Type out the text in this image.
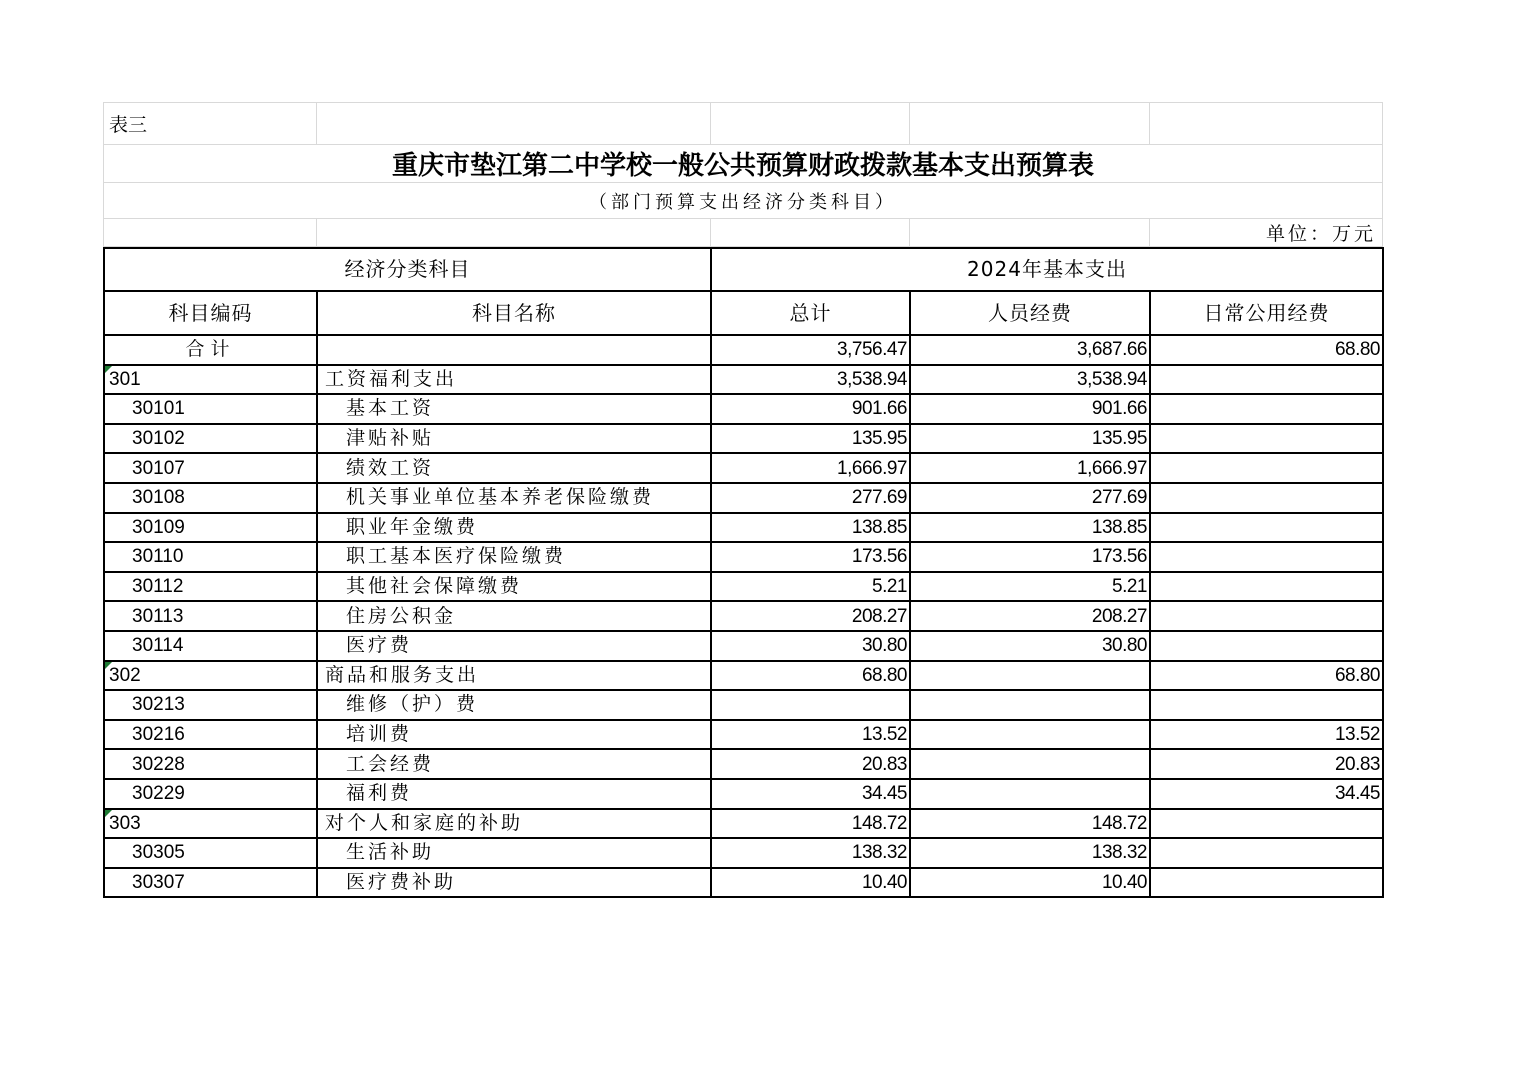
表三				
重庆市垫江第二中学校一般公共预算财政拨款基本支出预算表				
（部门预算支出经济分类科目）				
				单位：万元
经济分类科目		2024年基本支出		
科目编码	科目名称	总计	人员经费	日常公用经费
合计		3,756.47	3,687.66	68.80

301	工资福利支出	3,538.94	3,538.94	
30101	基本工资	901.66	901.66	
30102	津贴补贴	135.95	135.95	
30107	绩效工资	1,666.97	1,666.97	
30108	机关事业单位基本养老保险缴费	277.69	277.69	
30109	职业年金缴费	138.85	138.85	
30110	职工基本医疗保险缴费	173.56	173.56	
30112	其他社会保障缴费	5.21	5.21	
30113	住房公积金	208.27	208.27	
30114	医疗费	30.80	30.80	

302	商品和服务支出	68.80		68.80
30213	维修（护）费			
30216	培训费	13.52		13.52
30228	工会经费	20.83		20.83
30229	福利费	34.45		34.45

303	对个人和家庭的补助	148.72	148.72	
30305	生活补助	138.32	138.32	
30307	医疗费补助	10.40	10.40	
